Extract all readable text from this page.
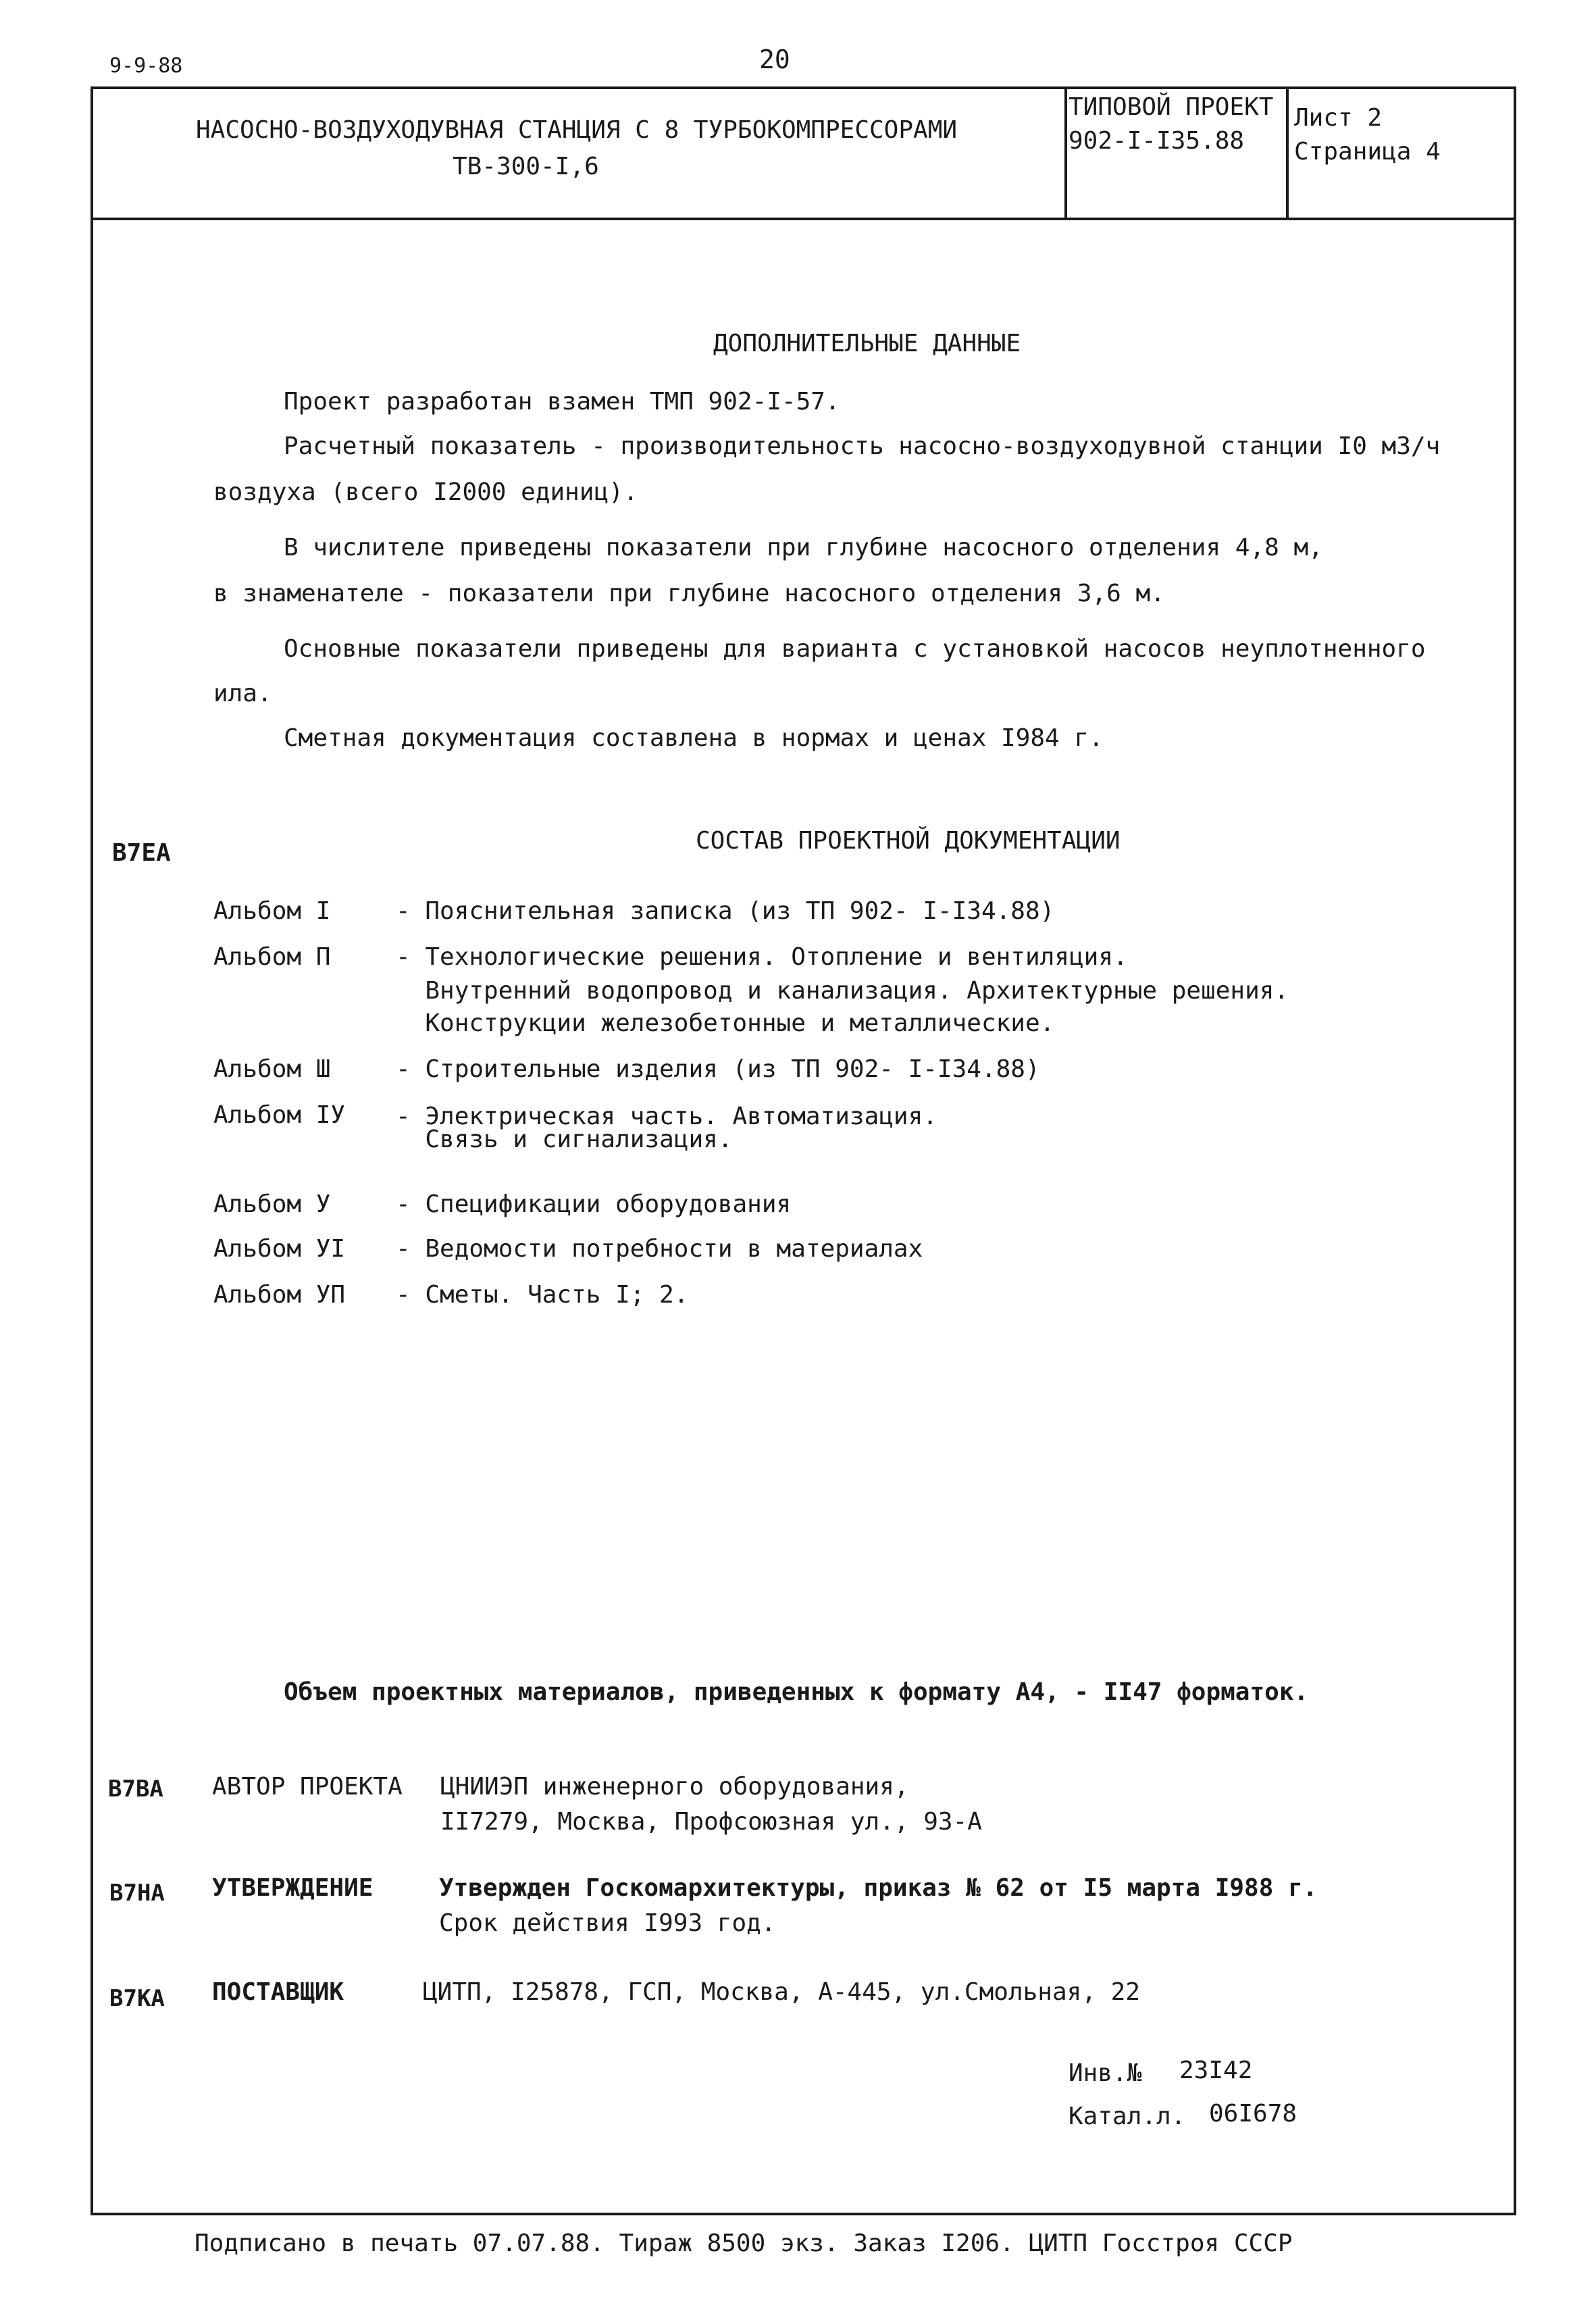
9-9-88	20
НАСОСНО-ВОЗДУХОДУВНАЯ СТАНЦИЯ С 8 ТУРБОКОМПРЕССОРАМИ
ТВ-300-I,6
ТИПОВОЙ ПРОЕКТ
902-I-I35.88
Лист 2
Страница 4
ДОПОЛНИТЕЛЬНЫЕ ДАННЫЕ
Проект разработан взамен ТМП 902-I-57.
Расчетный показатель - производительность насосно-воздуходувной станции I0 м3/ч
воздуха (всего I2000 единиц).
В числителе приведены показатели при глубине насосного отделения 4,8 м,
в знаменателе - показатели при глубине насосного отделения 3,6 м.
Основные показатели приведены для варианта с установкой насосов неуплотненного
ила.
Сметная документация составлена в нормах и ценах I984 г.
В7ЕА	СОСТАВ ПРОЕКТНОЙ ДОКУМЕНТАЦИИ
Альбом I	- Пояснительная записка (из ТП 902- I-I34.88)
Альбом П	- Технологические решения. Отопление и вентиляция.
Внутренний водопровод и канализация. Архитектурные решения.
Конструкции железобетонные и металлические.
Альбом Ш	- Строительные изделия (из ТП 902- I-I34.88)
Альбом IУ - Электрическая часть. Автоматизация.
Связь и сигнализация.
Альбом У	- Спецификации оборудования
Альбом УI - Ведомости потребности в материалах
Альбом УП - Сметы. Часть I; 2.
Объем проектных материалов, приведенных к формату А4, - II47 форматок.
В7ВА АВТОР ПРОЕКТА ЦНИИЭП инженерного оборудования,
II7279, Москва, Профсоюзная ул., 93-А
В7НА УТВЕРЖДЕНИЕ	Утвержден Госкомархитектуры, приказ № 62 от I5 марта I988 г.
Срок действия I993 год.
В7КА ПОСТАВЩИК	ЦИТП, I25878, ГСП, Москва, А-445, ул.Смольная, 22
Инв.№ 23I42
Катал.л. 06I678
Подписано в печать 07.07.88. Тираж 8500 экз. Заказ I206. ЦИТП Госстроя СССР
